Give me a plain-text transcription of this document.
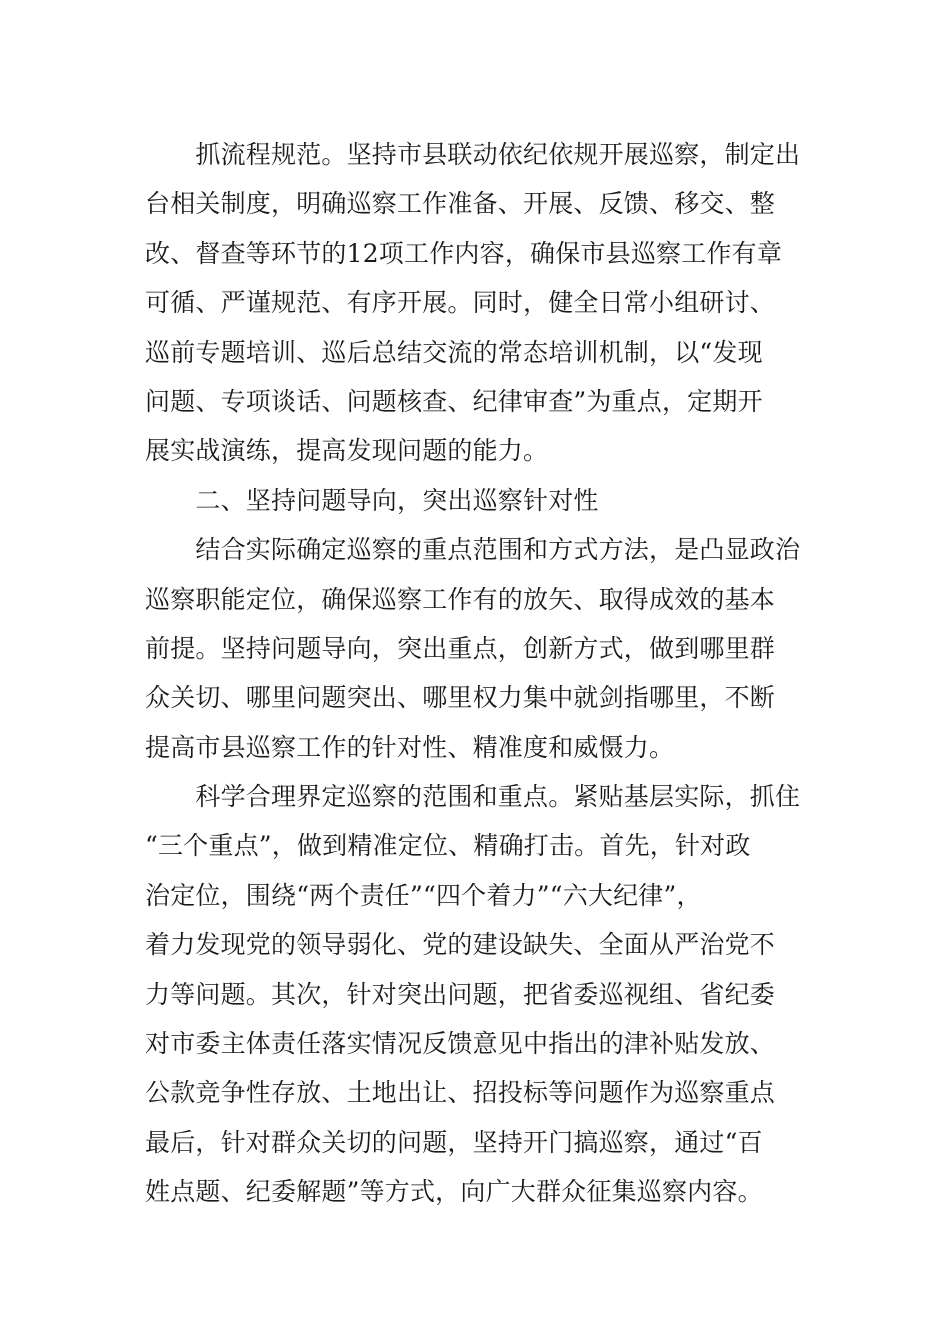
　　抓流程规范。坚持市县联动依纪依规开展巡察，制定出
台相关制度，明确巡察工作准备、开展、反馈、移交、整
改、督查等环节的12项工作内容，确保市县巡察工作有章
可循、严谨规范、有序开展。同时，健全日常小组研讨、
巡前专题培训、巡后总结交流的常态培训机制，以“发现
问题、专项谈话、问题核查、纪律审查”为重点，定期开
展实战演练，提高发现问题的能力。
　　二、坚持问题导向，突出巡察针对性
　　结合实际确定巡察的重点范围和方式方法，是凸显政治
巡察职能定位，确保巡察工作有的放矢、取得成效的基本
前提。坚持问题导向，突出重点，创新方式，做到哪里群
众关切、哪里问题突出、哪里权力集中就剑指哪里，不断
提高市县巡察工作的针对性、精准度和威慑力。
　　科学合理界定巡察的范围和重点。紧贴基层实际，抓住
“三个重点”，做到精准定位、精确打击。首先，针对政
治定位，围绕“两个责任”“四个着力”“六大纪律”，
着力发现党的领导弱化、党的建设缺失、全面从严治党不
力等问题。其次，针对突出问题，把省委巡视组、省纪委
对市委主体责任落实情况反馈意见中指出的津补贴发放、
公款竞争性存放、土地出让、招投标等问题作为巡察重点
最后，针对群众关切的问题，坚持开门搞巡察，通过“百
姓点题、纪委解题”等方式，向广大群众征集巡察内容。
